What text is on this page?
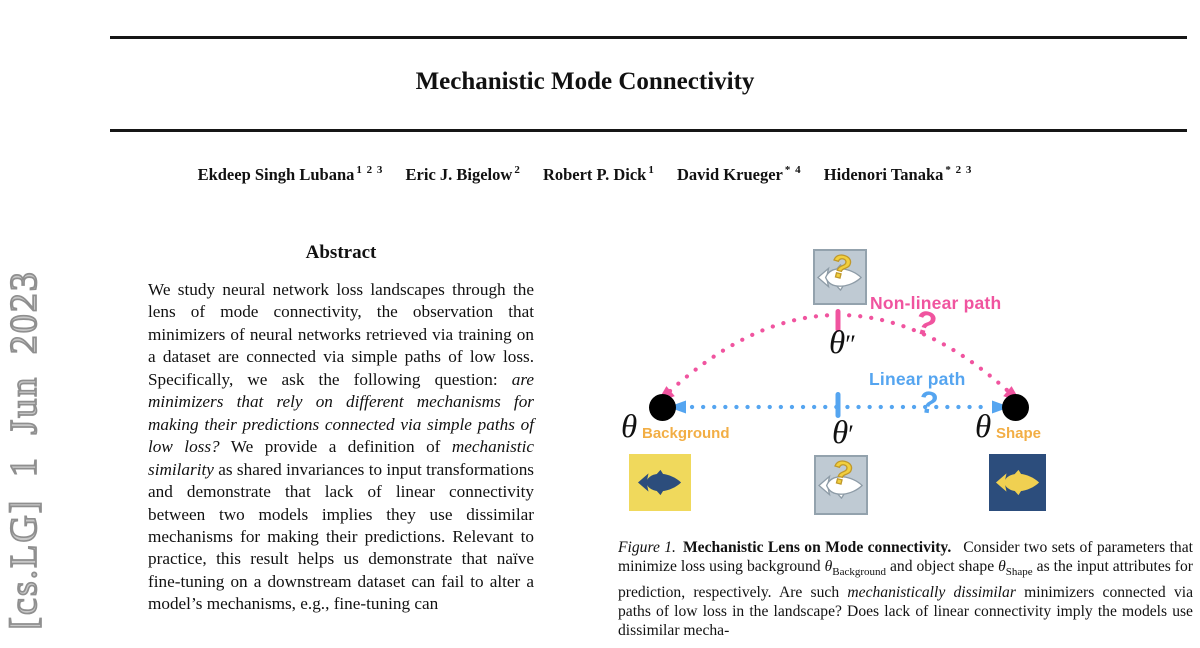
[cs.LG] 1 Jun 2023
Mechanistic Mode Connectivity
Ekdeep Singh Lubana $^{1 2 3}$ Eric J. Bigelow $^2$ Robert P. Dick $^1$ David Krueger $^{* 4}$ Hidenori Tanaka $^{* 2 3}$
Abstract

We study neural network loss landscapes through the lens of mode connectivity, the observation that minimizers of neural networks retrieved via training on a dataset are connected via simple paths of low loss. Specifically, we ask the following question: are minimizers that rely on different mechanisms for making their predictions connected via simple paths of low loss? We provide a definition of mechanistic similarity as shared invariances to input transformations and demonstrate that lack of linear connectivity between two models implies they use dissimilar mechanisms for making their predictions. Relevant to practice, this result helps us demonstrate that naïve fine-tuning on a downstream dataset can fail to alter a model’s mechanisms, e.g., fine-tuning can

?
Non-linear path
Linear path
?
?
θ″
θ′
θ Background	θ Shape
?
Figure 1. Mechanistic Lens on Mode connectivity. Consider two sets of parameters that minimize loss using background $\theta_{Background}$ and object shape $\theta_{Shape}$ as the input attributes for prediction, respectively. Are such mechanistically dissimilar minimizers connected via paths of low loss in the landscape? Does lack of linear connectivity imply the models use dissimilar mecha-
